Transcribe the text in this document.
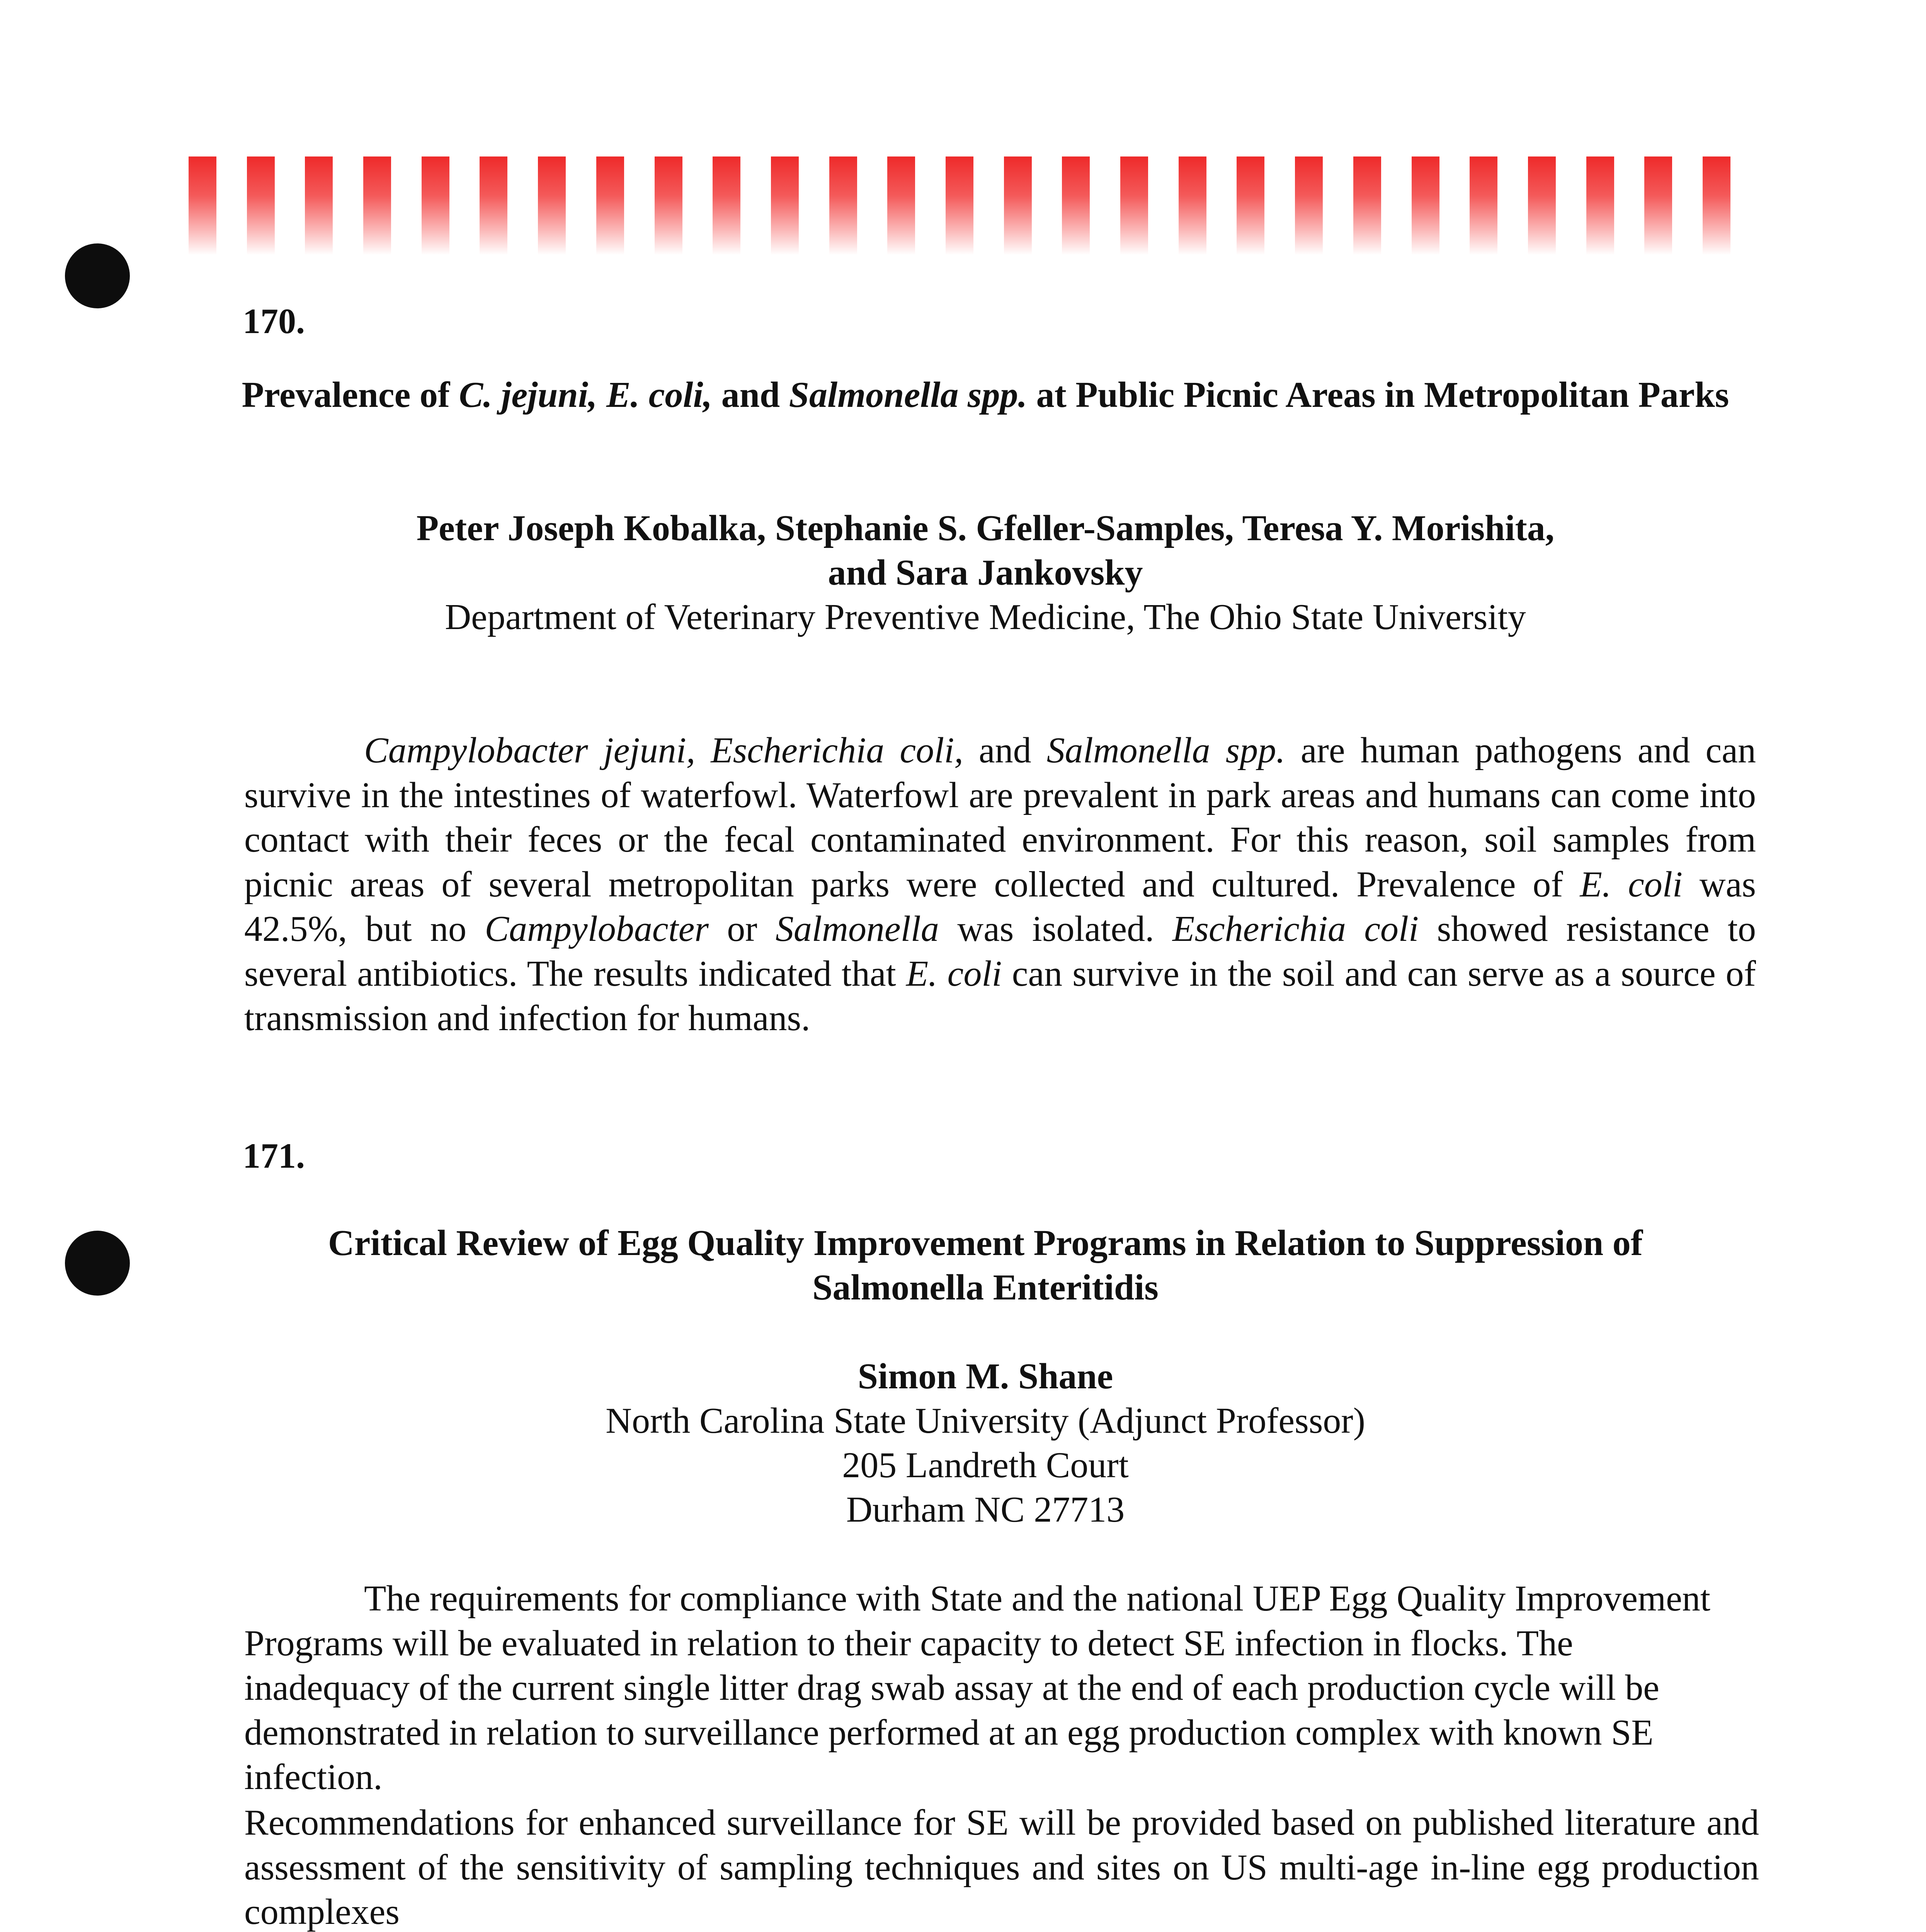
170.
Prevalence of C. jejuni, E. coli, and Salmonella spp. at Public Picnic Areas in Metropolitan Parks
Peter Joseph Kobalka, Stephanie S. Gfeller-Samples, Teresa Y. Morishita,
and Sara Jankovsky
Department of Veterinary Preventive Medicine, The Ohio State University
Campylobacter jejuni, Escherichia coli, and Salmonella spp. are human pathogens and can survive in the intestines of waterfowl. Waterfowl are prevalent in park areas and humans can come into contact with their feces or the fecal contaminated environment. For this reason, soil samples from picnic areas of several metropolitan parks were collected and cultured. Prevalence of E. coli was 42.5%, but no Campylobacter or Salmonella was isolated. Escherichia coli showed resistance to several antibiotics. The results indicated that E. coli can survive in the soil and can serve as a source of transmission and infection for humans.
171.
Critical Review of Egg Quality Improvement Programs in Relation to Suppression of Salmonella Enteritidis
Simon M. Shane
North Carolina State University (Adjunct Professor)
205 Landreth Court
Durham NC 27713
The requirements for compliance with State and the national UEP Egg Quality Improvement Programs will be evaluated in relation to their capacity to detect SE infection in flocks. The inadequacy of the current single litter drag swab assay at the end of each production cycle will be demonstrated in relation to surveillance performed at an egg production complex with known SE infection.
Recommendations for enhanced surveillance for SE will be provided based on published literature and assessment of the sensitivity of sampling techniques and sites on US multi-age in-line egg production complexes
